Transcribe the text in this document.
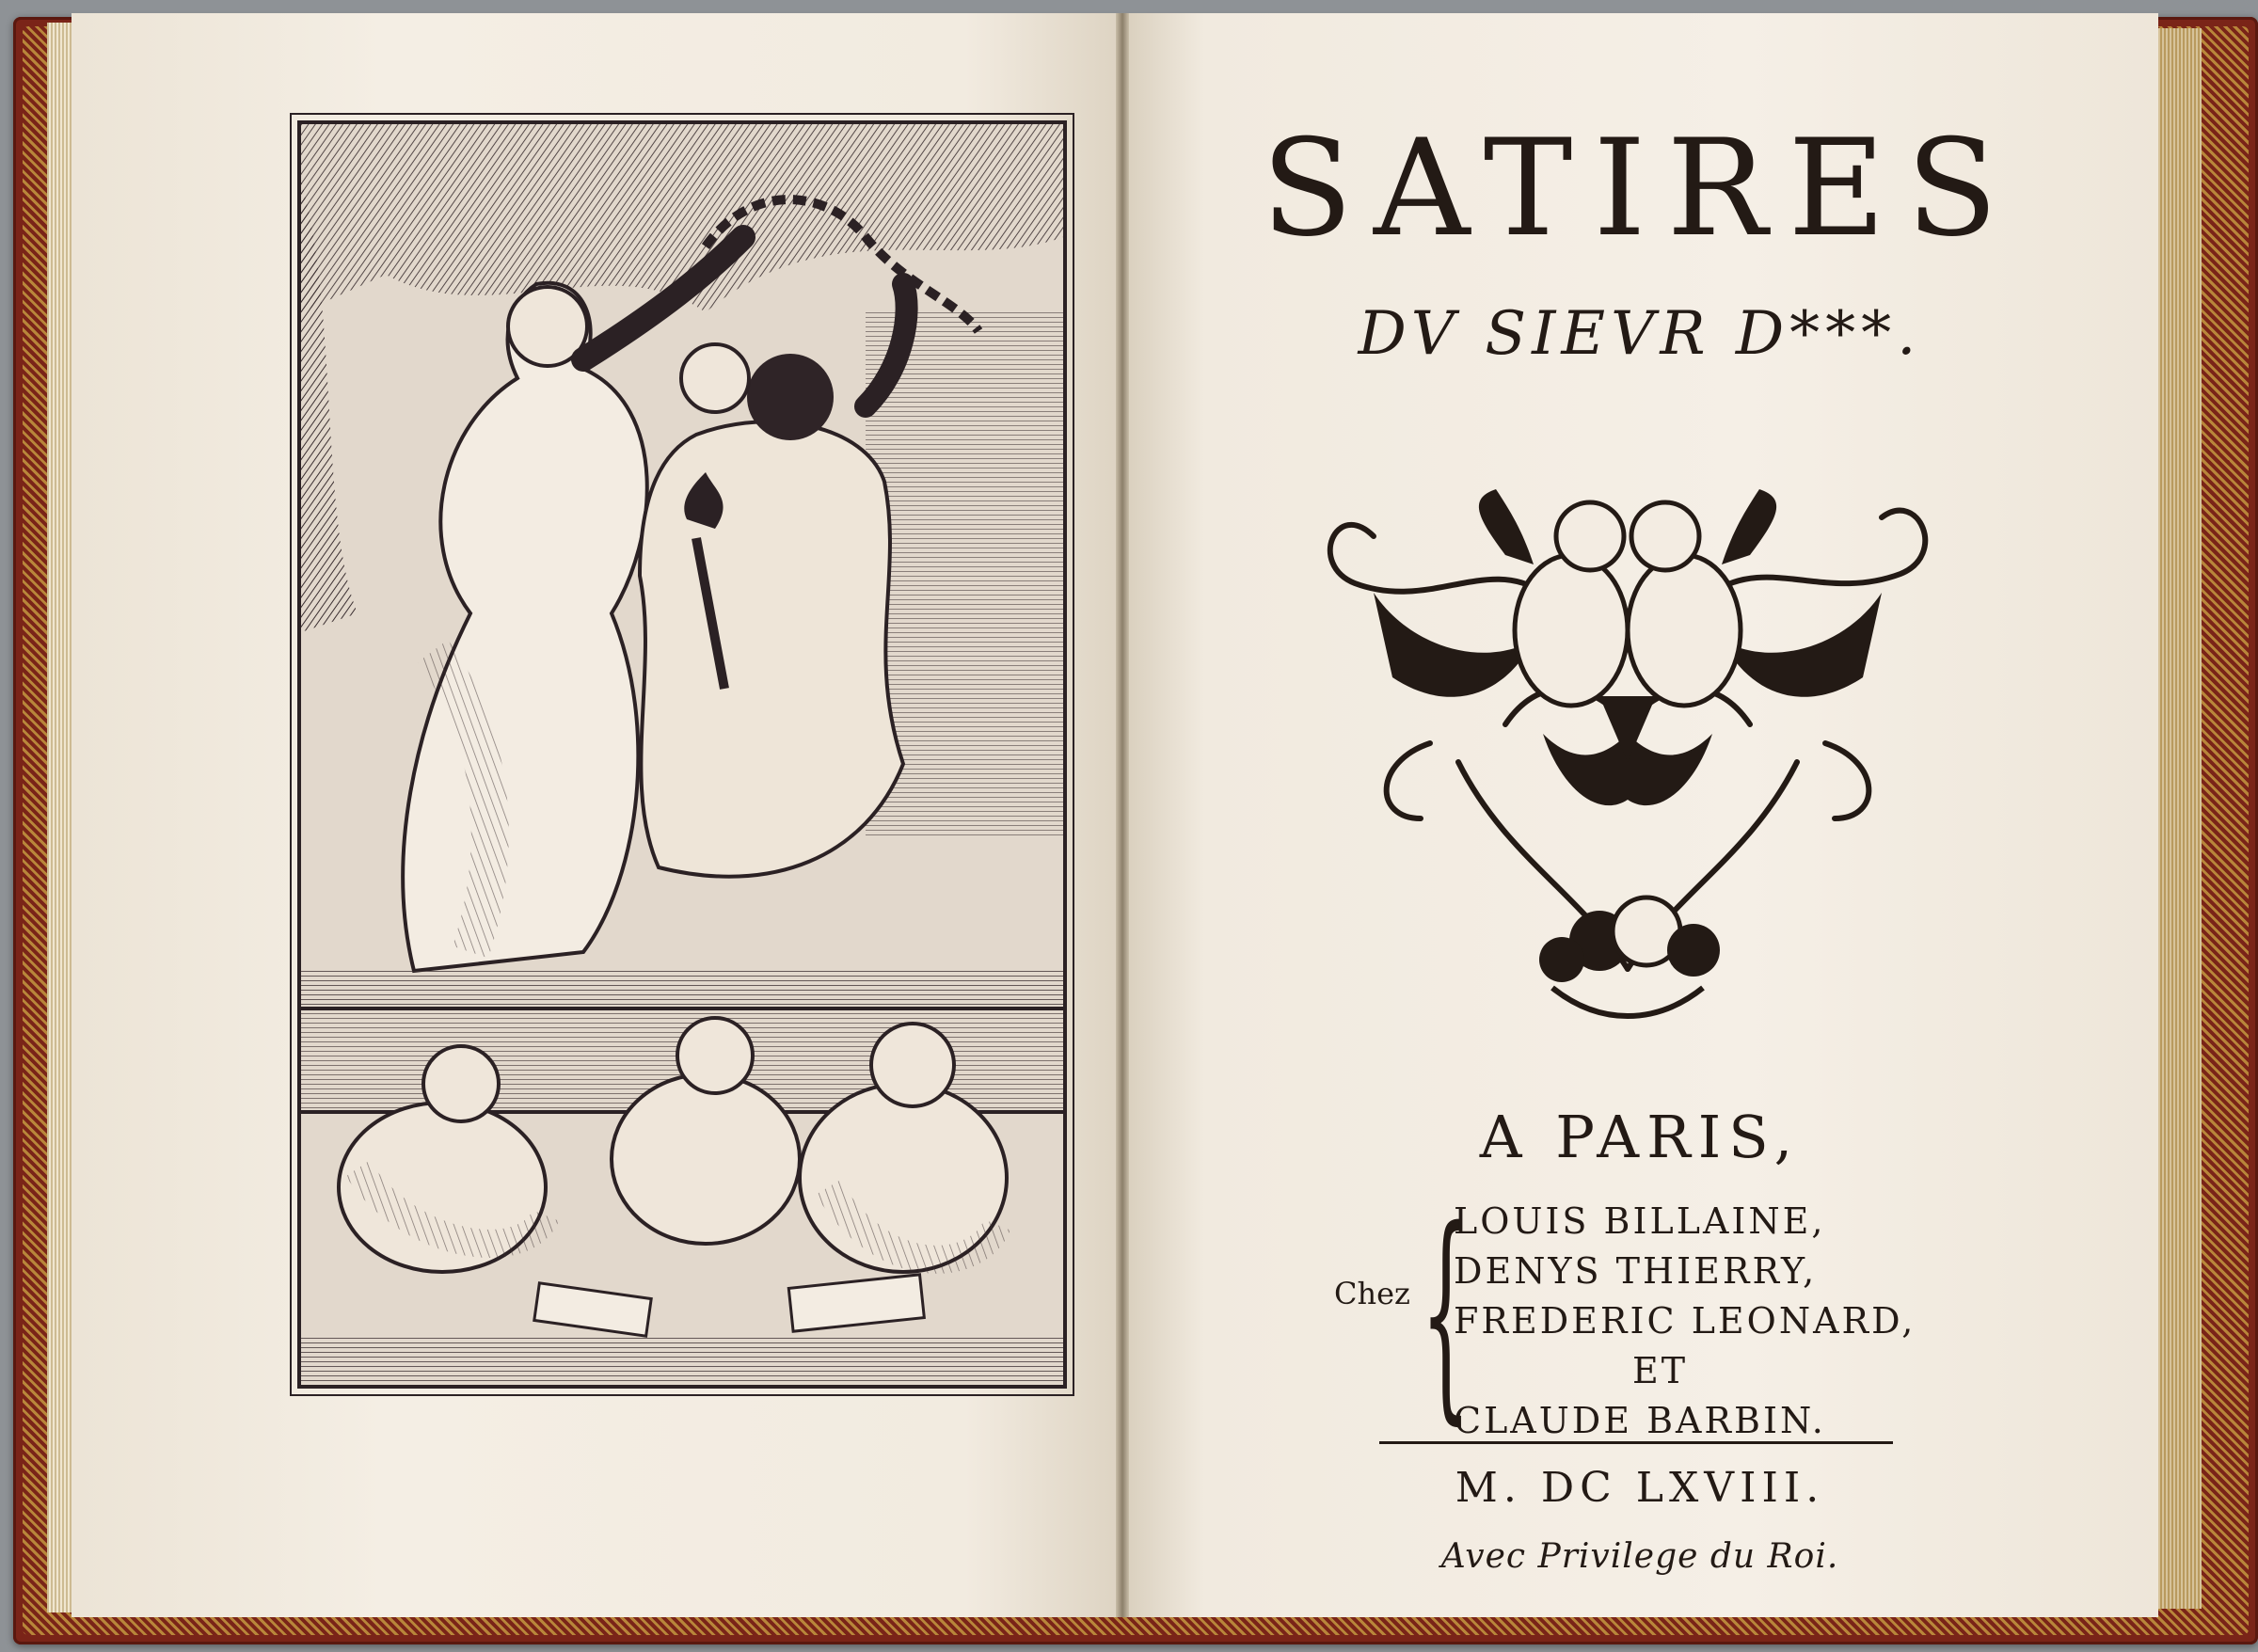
SATIRES
DV SIEVR D***.
A PARIS,
Chez {
LOUIS BILLAINE,
DENYS THIERRY,
FREDERIC LEONARD,
ET
CLAUDE BARBIN.
M. DC LXVIII.
Avec Privilege du Roi.
